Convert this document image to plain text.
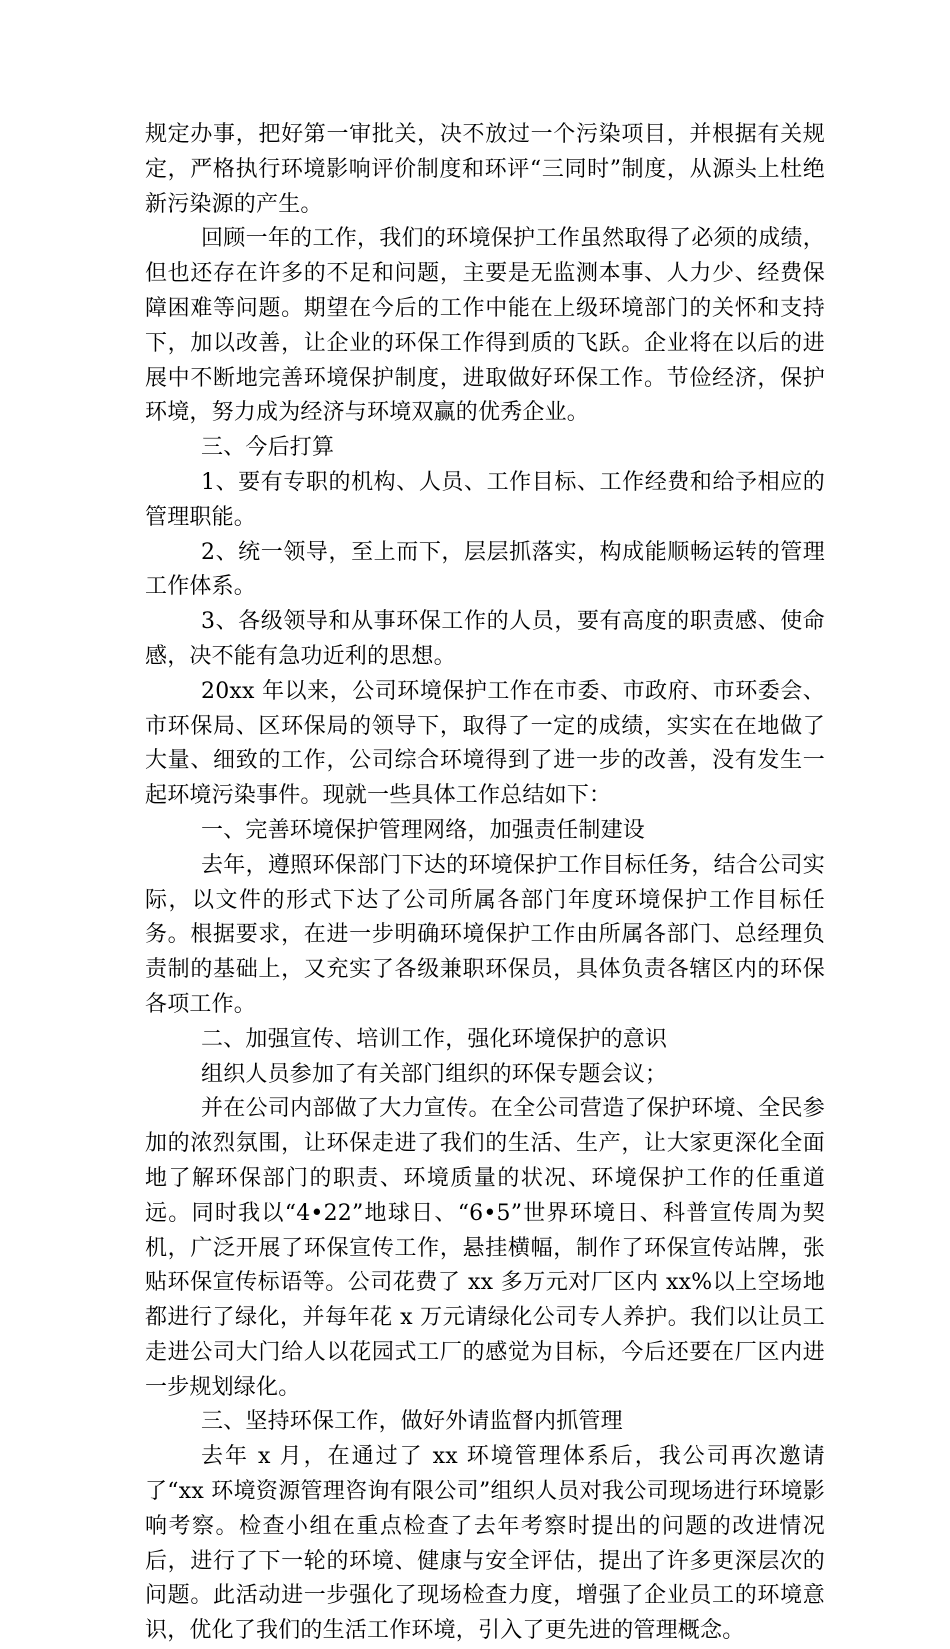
规定办事，把好第一审批关，决不放过一个污染项目，并根据有关规定，严格执行环境影响评价制度和环评“三同时”制度，从源头上杜绝新污染源的产生。

回顾一年的工作，我们的环境保护工作虽然取得了必须的成绩，但也还存在许多的不足和问题，主要是无监测本事、人力少、经费保障困难等问题。期望在今后的工作中能在上级环境部门的关怀和支持下，加以改善，让企业的环保工作得到质的飞跃。企业将在以后的进展中不断地完善环境保护制度，进取做好环保工作。节俭经济，保护环境，努力成为经济与环境双赢的优秀企业。

三、今后打算

1、要有专职的机构、人员、工作目标、工作经费和给予相应的管理职能。

2、统一领导，至上而下，层层抓落实，构成能顺畅运转的管理工作体系。

3、各级领导和从事环保工作的人员，要有高度的职责感、使命感，决不能有急功近利的思想。

20xx 年以来，公司环境保护工作在市委、市政府、市环委会、市环保局、区环保局的领导下，取得了一定的成绩，实实在在地做了大量、细致的工作，公司综合环境得到了进一步的改善，没有发生一起环境污染事件。现就一些具体工作总结如下：

一、完善环境保护管理网络，加强责任制建设

去年，遵照环保部门下达的环境保护工作目标任务，结合公司实际，以文件的形式下达了公司所属各部门年度环境保护工作目标任务。根据要求，在进一步明确环境保护工作由所属各部门、总经理负责制的基础上，又充实了各级兼职环保员，具体负责各辖区内的环保各项工作。

二、加强宣传、培训工作，强化环境保护的意识

组织人员参加了有关部门组织的环保专题会议；

并在公司内部做了大力宣传。在全公司营造了保护环境、全民参加的浓烈氛围，让环保走进了我们的生活、生产，让大家更深化全面地了解环保部门的职责、环境质量的状况、环境保护工作的任重道远。同时我以“4•22”地球日、“6•5”世界环境日、科普宣传周为契机，广泛开展了环保宣传工作，悬挂横幅，制作了环保宣传站牌，张贴环保宣传标语等。公司花费了 xx 多万元对厂区内 xx%以上空场地都进行了绿化，并每年花 x 万元请绿化公司专人养护。我们以让员工走进公司大门给人以花园式工厂的感觉为目标，今后还要在厂区内进一步规划绿化。

三、坚持环保工作，做好外请监督内抓管理

去年 x 月，在通过了 xx 环境管理体系后，我公司再次邀请了“xx 环境资源管理咨询有限公司”组织人员对我公司现场进行环境影响考察。检查小组在重点检查了去年考察时提出的问题的改进情况后，进行了下一轮的环境、健康与安全评估，提出了许多更深层次的问题。此活动进一步强化了现场检查力度，增强了企业员工的环境意识，优化了我们的生活工作环境，引入了更先进的管理概念。
